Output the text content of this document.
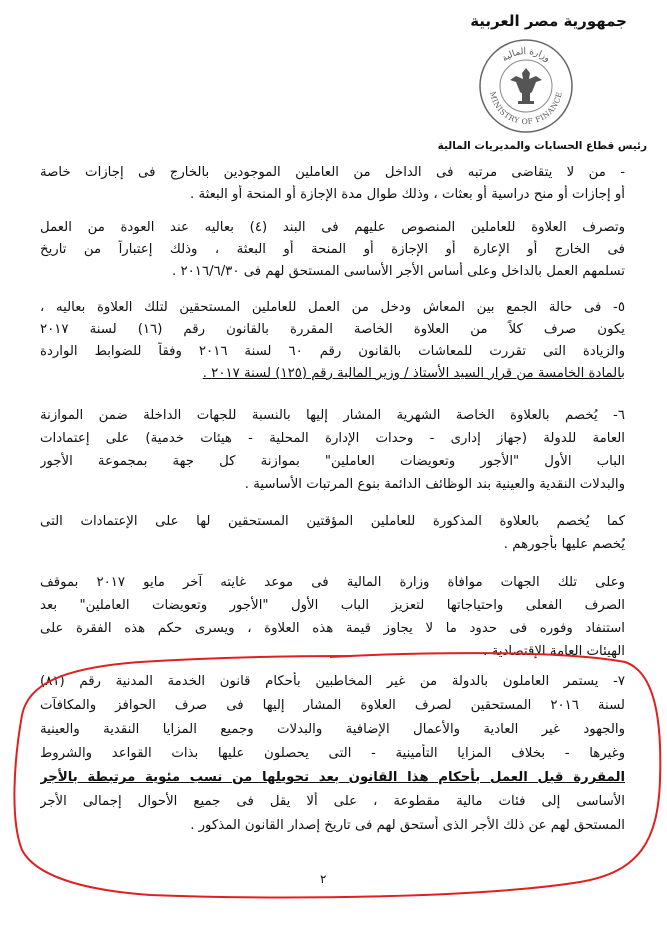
جمهورية مصر العربية
وزارة المالية
MINISTRY OF FINANCE
رئيس قطاع الحسابات والمديريات المالية
- من لا يتقاضى مرتبه فى الداخل من العاملين الموجودين بالخارج فى إجازات خاصة
أو إجازات أو منح دراسية أو بعثات ، وذلك طوال مدة الإجازة أو المنحة أو البعثة .
وتصرف العلاوة للعاملين المنصوص عليهم فى البند (٤) بعاليه عند العودة من العمل
فى الخارج أو الإعارة أو الإجازة أو المنحة أو البعثة ، وذلك إعتباراً من تاريخ
تسلمهم العمل بالداخل وعلى أساس الأجر الأساسى المستحق لهم فى ٢٠١٦/٦/٣٠ .
٥- فى حالة الجمع بين المعاش ودخل من العمل للعاملين المستحقين لتلك العلاوة بعاليه ،
يكون صرف كلاً من العلاوة الخاصة المقررة بالقانون رقم (١٦) لسنة ٢٠١٧
والزيادة التى تقررت للمعاشات بالقانون رقم ٦٠ لسنة ٢٠١٦ وفقاً للضوابط الواردة
بالمادة الخامسة من قرار السيد الأستاذ / وزير المالية رقم (١٢٥) لسنة ٢٠١٧ .
٦- يُخصم بالعلاوة الخاصة الشهرية المشار إليها بالنسبة للجهات الداخلة ضمن الموازنة
العامة للدولة (جهاز إدارى - وحدات الإدارة المحلية - هيئات خدمية) على إعتمادات
الباب الأول "الأجور وتعويضات العاملين" بموازنة كل جهة بمجموعة الأجور
والبدلات النقدية والعينية بند الوظائف الدائمة بنوع المرتبات الأساسية .
كما يُخصم بالعلاوة المذكورة للعاملين المؤقتين المستحقين لها على الإعتمادات التى
يُخصم عليها بأجورهم .
وعلى تلك الجهات موافاة وزارة المالية فى موعد غايته آخر مايو ٢٠١٧ بموقف
الصرف الفعلى واحتياجاتها لتعزيز الباب الأول "الأجور وتعويضات العاملين" بعد
استنفاد وفوره فى حدود ما لا يجاوز قيمة هذه العلاوة ، ويسرى حكم هذه الفقرة على
الهيئات العامة الإقتصادية .
٧- يستمر العاملون بالدولة من غير المخاطبين بأحكام قانون الخدمة المدنية رقم (٨١)
لسنة ٢٠١٦ المستحقين لصرف العلاوة المشار إليها فى صرف الحوافز والمكافآت
والجهود غير العادية والأعمال الإضافية والبدلات وجميع المزايا النقدية والعينية
وغيرها - بخلاف المزايا التأمينية - التى يحصلون عليها بذات القواعد والشروط
المقررة قبل العمل بأحكام هذا القانون بعد تحويلها من نسب مئوية مرتبطة بالأجر
الأساسى إلى فئات مالية مقطوعة ، على ألا يقل فى جميع الأحوال إجمالى الأجر
المستحق لهم عن ذلك الأجر الذى أستحق لهم فى تاريخ إصدار القانون المذكور .
٢
